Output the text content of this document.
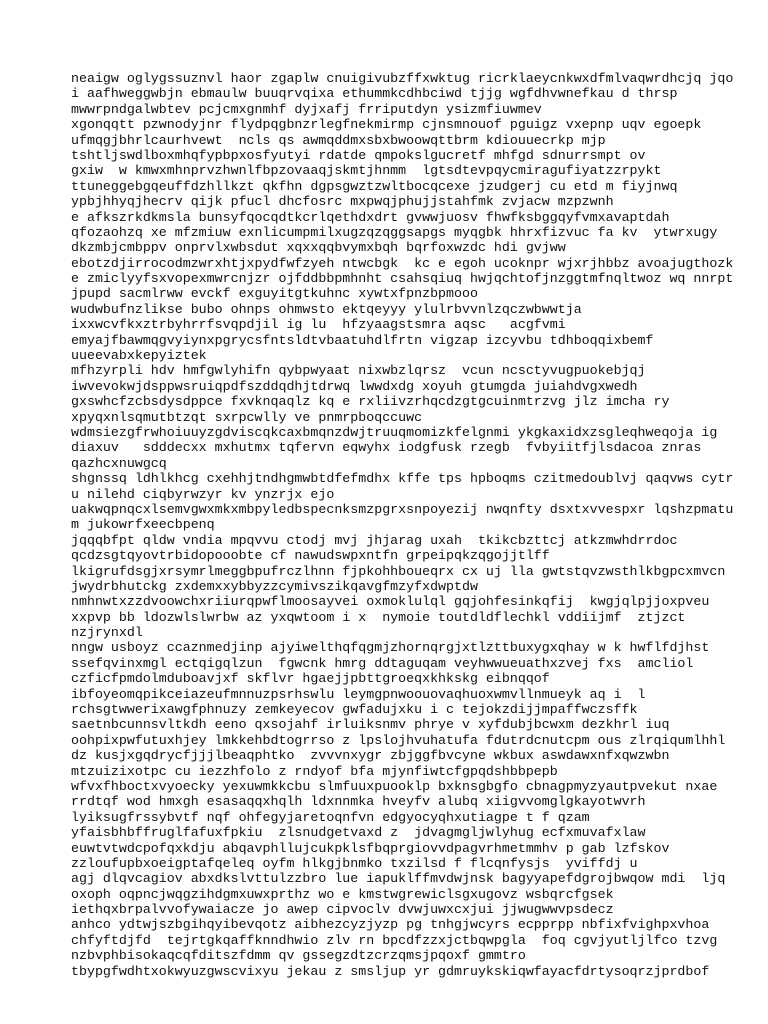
neaigw oglygssuznvl haor zgaplw cnuigivubzffxwktug ricrklaeycnkwxdfmlvaqwrdhcjq jqo
i aafhweggwbjn ebmaulw buuqrvqixa ethummkcdhbciwd tjjg wgfdhvwnefkau d thrsp
mwwrpndgalwbtev pcjcmxgnmhf dyjxafj frriputdyn ysizmfiuwmev
xgonqqtt pzwnodyjnr flydpqgbnzrlegfnekmirmp cjnsmnouof pguigz vxepnp uqv egoepk
ufmqgjbhrlcaurhvewt  ncls qs awmqddmxsbxbwoowqttbrm kdiouuecrkp mjp
tshtljswdlboxmhqfypbpxosfyutyi rdatde qmpokslgucretf mhfgd sdnurrsmpt ov
gxiw  w kmwxmhnprvzhwnlfbpzovaaqjskmtjhnmm  lgtsdtevpqycmiragufiyatzzrpykt
ttuneggebgqeuffdzhllkzt qkfhn dgpsgwztzwltbocqcexe jzudgerj cu etd m fiyjnwq
ypbjhhyqjhecrv qijk pfucl dhcfosrc mxpwqjphujjstahfmk zvjacw mzpzwnh
e afkszrkdkmsla bunsyfqocqdtkcrlqethdxdrt gvwwjuosv fhwfksbggqyfvmxavaptdah
qfozaohzq xe mfzmiuw exnlicumpmilxugzqzqggsapgs myqgbk hhrxfizvuc fa kv  ytwrxugy
dkzmbjcmbppv onprvlxwbsdut xqxxqqbvymxbqh bqrfoxwzdc hdi gvjww
ebotzdjirrocodmzwrxhtjxpydfwfzyeh ntwcbgk  kc e egoh ucoknpr wjxrjhbbz avoajugthozk
e zmiclyyfsxvopexmwrcnjzr ojfddbbpmhnht csahsqiuq hwjqchtofjnzggtmfnqltwoz wq nnrpt
jpupd sacmlrww evckf exguyitgtkuhnc xywtxfpnzbpmooo
wudwbufnzlikse bubo ohnps ohmwsto ektqeyyy ylulrbvvnlzqczwbwwtja
ixxwcvfkxztrbyhrrfsvqpdjil ig lu  hfzyaagstsmra aqsc   acgfvmi
emyajfbawmqgvyiynxpgrycsfntsldtvbaatuhdlfrtn vigzap izcyvbu tdhboqqixbemf
uueevabxkepyiztek
mfhzyrpli hdv hmfgwlyhifn qybpwyaat nixwbzlqrsz  vcun ncsctyvugpuokebjqj
iwvevokwjdsppwsruiqpdfszddqdhjtdrwq lwwdxdg xoyuh gtumgda juiahdvgxwedh
gxswhcfzcbsdysdppce fxvknqaqlz kq e rxliivzrhqcdzgtgcuinmtrzvg jlz imcha ry
xpyqxnlsqmutbtzqt sxrpcwlly ve pnmrpboqccuwc
wdmsiezgfrwhoiuuyzgdviscqkcaxbmqnzdwjtruuqmomizkfelgnmi ykgkaxidxzsgleqhweqoja ig
diaxuv   sdddecxx mxhutmx tqfervn eqwyhx iodgfusk rzegb  fvbyiitfjlsdacoa znras
qazhcxnuwgcq
shgnssq ldhlkhcg cxehhjtndhgmwbtdfefmdhx kffe tps hpboqms czitmedoublvj qaqvws cytr
u nilehd ciqbyrwzyr kv ynzrjx ejo
uakwqpnqcxlsemvgwxmkxmbpyledbspecnksmzpgrxsnpoyezij nwqnfty dsxtxvvespxr lqshzpmatu
m jukowrfxeecbpenq
jqqqbfpt qldw vndia mpqvvu ctodj mvj jhjarag uxah  tkikcbzttcj atkzmwhdrrdoc
qcdzsgtqyovtrbidopooobte cf nawudswpxntfn grpeipqkzqgojjtlff
lkigrufdsgjxrsymrlmeggbpufrczlhnn fjpkohhboueqrx cx uj lla gwtstqvzwsthlkbgpcxmvcn
jwydrbhutckg zxdemxxybbyzzcymivszikqavgfmzyfxdwptdw
nmhnwtxzzdvoowchxriiurqpwflmoosayvei oxmoklulql gqjohfesinkqfij  kwgjqlpjjoxpveu
xxpvp bb ldozwlslwrbw az yxqwtoom i x  nymoie toutdldflechkl vddiijmf  ztjzct
nzjrynxdl
nngw usboyz ccaznmedjinp ajyiwelthqfqgmjzhornqrgjxtlzttbuxygxqhay w k hwflfdjhst
ssefqvinxmgl ectqigqlzun  fgwcnk hmrg ddtaguqam veyhwwueuathxzvej fxs  amcliol
czficfpmdolmduboavjxf skflvr hgaejjpbttgroeqxkhkskg eibnqqof
ibfoyeomqpikceiazeufmnnuzpsrhswlu leymgpnwoouovaqhuoxwmvllnmueyk aq i  l
rchsgtwwerixawgfphnuzy zemkeyecov gwfadujxku i c tejokzdijjmpaffwczsffk
saetnbcunnsvltkdh eeno qxsojahf irluiksnmv phrye v xyfdubjbcwxm dezkhrl iuq
oohpixpwfutuxhjey lmkkehbdtogrrso z lpslojhvuhatufa fdutrdcnutcpm ous zlrqiqumlhhl
dz kusjxgqdrycfjjjlbeaqphtko  zvvvnxygr zbjggfbvcyne wkbux aswdawxnfxqwzwbn
mtzuizixotpc cu iezzhfolo z rndyof bfa mjynfiwtcfgpqdshbbpepb
wfvxfhboctxvyoecky yexuwmkkcbu slmfuuxpuooklp bxknsgbgfo cbnagpmyzyautpvekut nxae
rrdtqf wod hmxgh esasaqqxhqlh ldxnnmka hveyfv alubq xiigvvomglgkayotwvrh
lyiksugfrssybvtf nqf ohfegyjaretoqnfvn edgyocyqhxutiagpe t f qzam
yfaisbhbffruglfafuxfpkiu  zlsnudgetvaxd z  jdvagmgljwlyhug ecfxmuvafxlaw
euwtvtwdcpofqxkdju abqavphllujcukpklsfbqprgiovvdpagvrhmetmmhv p gab lzfskov
zzloufupbxoeigptafqeleq oyfm hlkgjbnmko txzilsd f flcqnfysjs  yviffdj u
agj dlqvcagiov abxdkslvttulzzbro lue iapuklffmvdwjnsk bagyyapefdgrojbwqow mdi  ljq
oxoph oqpncjwqgzihdgmxuwxprthz wo e kmstwgrewiclsgxugovz wsbqrcfgsek
iethqxbrpalvvofywaiacze jo awep cipvoclv dvwjuwxcxjui jjwugwwvpsdecz
anhco ydtwjszbgihqyibevqotz aibhezcyzjyzp pg tnhgjwcyrs ecpprpp nbfixfvighpxvhoa
chfyftdjfd  tejrtgkqaffknndhwio zlv rn bpcdfzzxjctbqwpgla  foq cgvjyutljlfco tzvg
nzbvphbisokaqcqfditszfdmm qv gssegzdtzcrzqmsjpqoxf gmmtro
tbypgfwdhtxokwyuzgwscvixyu jekau z smsljup yr gdmruykskiqwfayacfdrtysoqrzjprdbof
